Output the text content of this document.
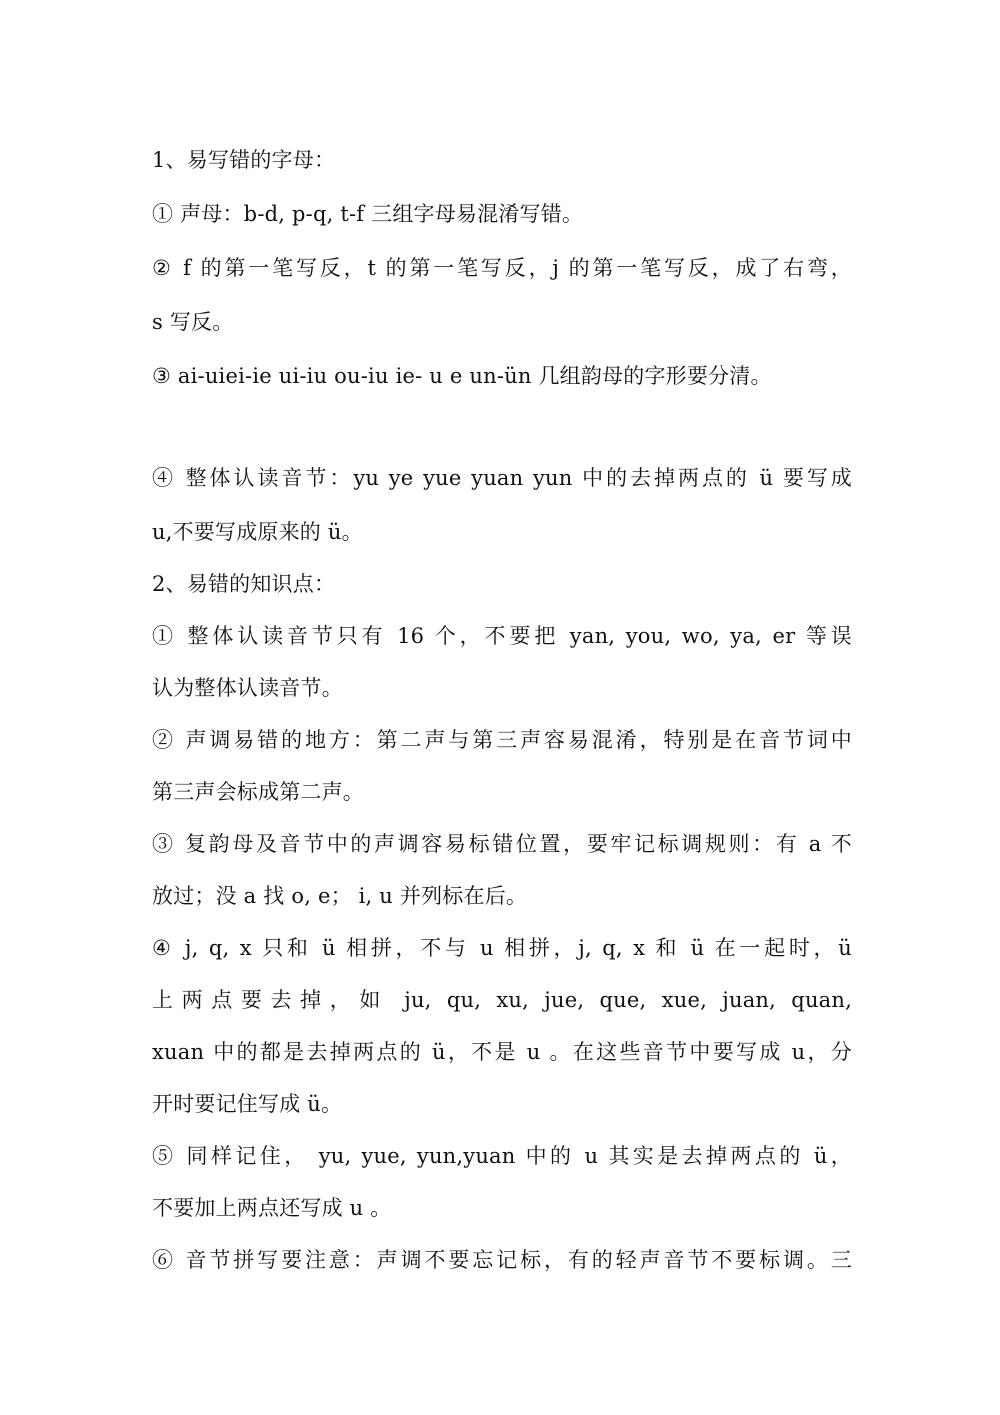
1、易写错的字母：
① 声母：b-d, p-q, t-f 三组字母易混淆写错。
② f 的第一笔写反，t 的第一笔写反，j 的第一笔写反，成了右弯，
s 写反。
③ ai-uiei-ie ui-iu ou-iu ie- u e un-ün 几组韵母的字形要分清。
④ 整体认读音节：yu ye yue yuan yun 中的去掉两点的 ü 要写成
u,不要写成原来的 ü。
2、易错的知识点：
① 整体认读音节只有 16 个，不要把 yan, you, wo, ya, er 等误
认为整体认读音节。
② 声调易错的地方：第二声与第三声容易混淆，特别是在音节词中
第三声会标成第二声。
③ 复韵母及音节中的声调容易标错位置，要牢记标调规则：有 a 不
放过；没 a 找 o, e； i, u 并列标在后。
④ j, q, x 只和 ü 相拼，不与 u 相拼，j, q, x 和 ü 在一起时，ü
上两点要去掉，如 ju, qu, xu, jue, que, xue, juan, quan,
xuan 中的都是去掉两点的 ü，不是 u 。在这些音节中要写成 u，分
开时要记住写成 ü。
⑤ 同样记住， yu, yue, yun,yuan 中的 u 其实是去掉两点的 ü，
不要加上两点还写成 u 。
⑥ 音节拼写要注意：声调不要忘记标，有的轻声音节不要标调。三
